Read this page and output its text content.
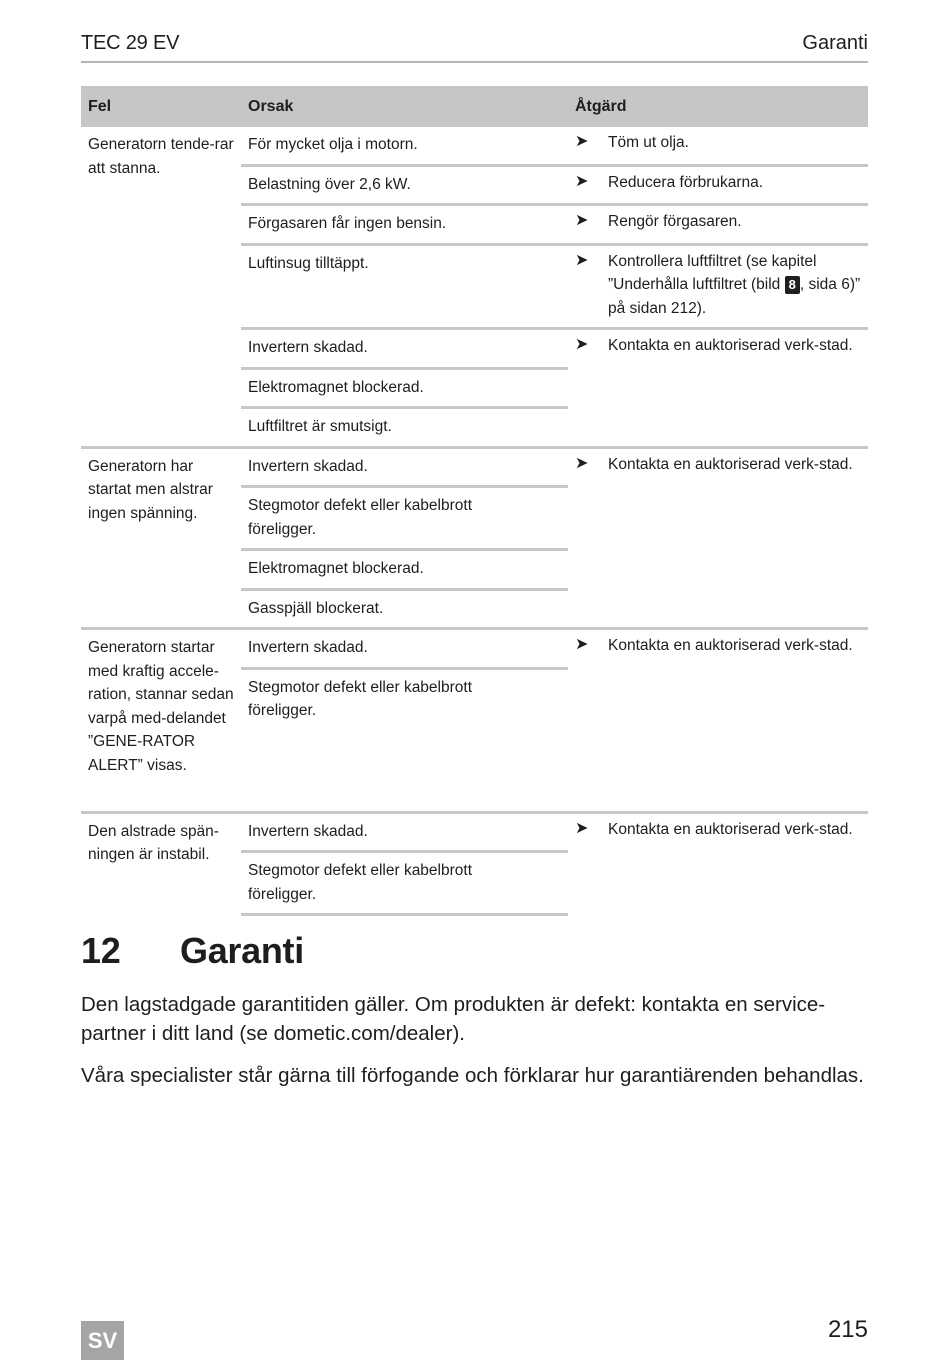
TEC 29 EV	Garanti
Fel	Orsak	Åtgärd

Generatorn tende-rar att stanna.	För mycket olja i motorn.	➤ Töm ut olja.

	Belastning över 2,6 kW.	➤ Reducera förbrukarna.

	Förgasaren får ingen bensin.	➤ Rengör förgasaren.

	Luftinsug tilltäppt.	➤ Kontrollera luftfiltret (se kapitel ”Underhålla luftfiltret (bild 8 , sida 6)” på sidan 212).

	Invertern skadad.	➤ Kontakta en auktoriserad verk-stad.

	Elektromagnet blockerad.	
	Luftfiltret är smutsigt.	

Generatorn har startat men alstrar ingen spänning.	Invertern skadad.	➤ Kontakta en auktoriserad verk-stad.

	Stegmotor defekt eller kabelbrott föreligger.	

	Elektromagnet blockerad.	
	Gasspjäll blockerat.	

Generatorn startar med kraftig accele-ration, stannar sedan varpå med-delandet ”GENE-RATOR ALERT” visas.	Invertern skadad.	➤ Kontakta en auktoriserad verk-stad.

	Stegmotor defekt eller kabelbrott föreligger.	

Den alstrade spän-ningen är instabil.	Invertern skadad.	➤ Kontakta en auktoriserad verk-stad.

	Stegmotor defekt eller kabelbrott föreligger.	
12 Garanti

Den lagstadgade garantitiden gäller. Om produkten är defekt: kontakta en service-partner i ditt land (se dometic.com/dealer).

Våra specialister står gärna till förfogande och förklarar hur garantiärenden behandlas.

SV	215
